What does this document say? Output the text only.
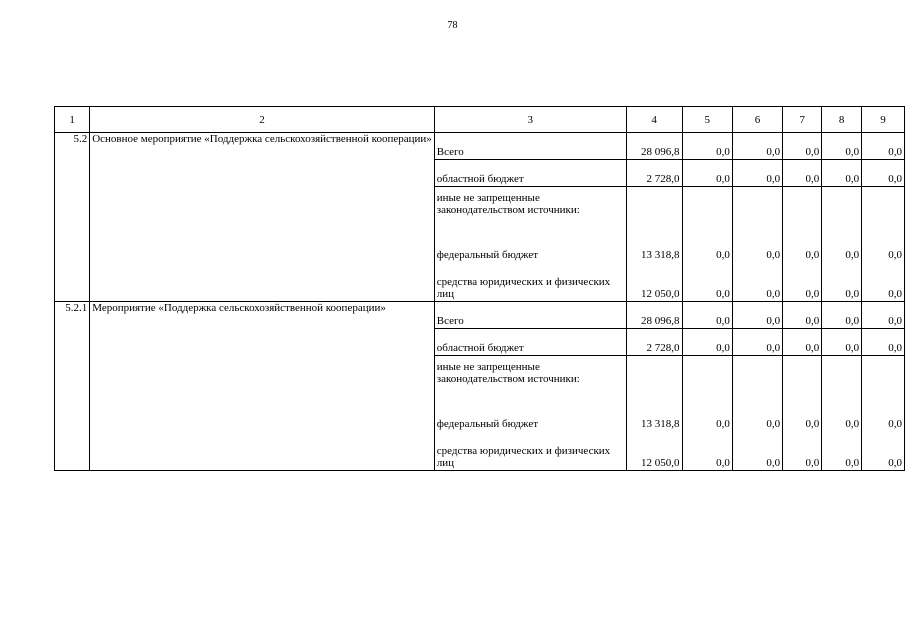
78
1	2	3	4	5	6	7	8	9
5.2	Основное мероприятие «Поддержка сельскохозяйственной кооперации»	Всего	28 096,8	0,0	0,0	0,0	0,0	0,0
		областной бюджет	2 728,0	0,0	0,0	0,0	0,0	0,0
		иные не запрещенные законодательством источники:						
		федеральный бюджет	13 318,8	0,0	0,0	0,0	0,0	0,0
		средства юридических и физических лиц	12 050,0	0,0	0,0	0,0	0,0	0,0
5.2.1	Мероприятие «Поддержка сельскохозяйственной кооперации»	Всего	28 096,8	0,0	0,0	0,0	0,0	0,0
		областной бюджет	2 728,0	0,0	0,0	0,0	0,0	0,0
		иные не запрещенные законодательством источники:						
		федеральный бюджет	13 318,8	0,0	0,0	0,0	0,0	0,0
		средства юридических и физических лиц	12 050,0	0,0	0,0	0,0	0,0	0,0
